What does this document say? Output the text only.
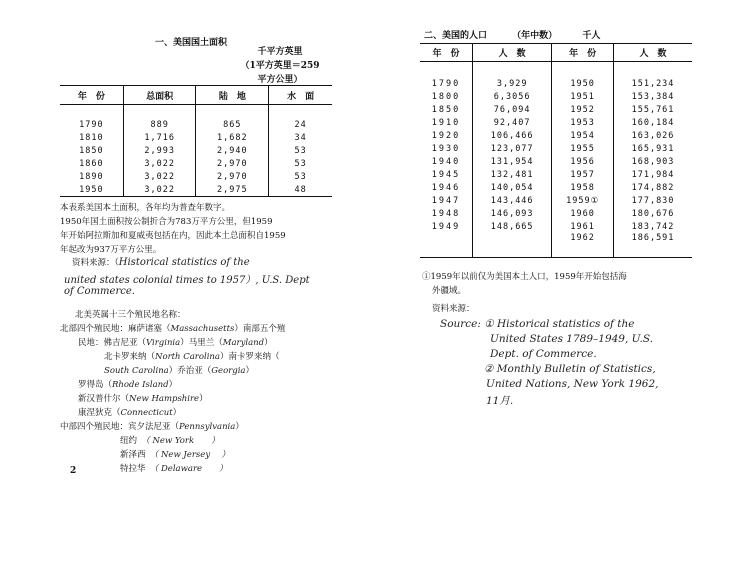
一、美国国土面积
千平方英里
（1平方英里＝259
平方公里）
年　份	总面积	陆　地	水　面

1790	889	865	24
1810	1,716	1,682	34
1850	2,993	2,940	53
1860	3,022	2,970	53
1890	3,022	2,970	53
1950	3,022	2,975	48
本表系美国本土面积，各年均为普查年数字。
1950年国土面积按公制折合为783万平方公里，但1959
年开始阿拉斯加和夏威夷包括在内，因此本土总面积自1959
年起改为937万平方公里。
资料来源：（Historical statistics of the
united states colonial times to 1957）, U.S. Dept
of Commerce.
北美英属十三个殖民地名称：
北部四个殖民地：麻萨诸塞（Massachusetts）南部五个殖
民地：佛吉尼亚（Virginia）马里兰（Maryland）
北卡罗来纳（North Carolina）南卡罗来纳（
South Carolina）乔治亚（Georgia）
罗得岛（Rhode Island）
新汉普什尔（New Hampshire）
康涅狄克（Connecticut）
中部四个殖民地：宾夕法尼亚（Pennsylvania）
纽约　 （ New York　　）
新泽西　 （ New Jersey　 ）
特拉华　 （ Delaware　　）
2
二、美国的人口	（年中数）	千人
年　份	人　数	年　份	人　数

1790	3,929	1950	151,234
1800	6,3056	1951	153,384
1850	76,094	1952	155,761
1910	92,407	1953	160,184
1920	106,466	1954	163,026
1930	123,077	1955	165,931
1940	131,954	1956	168,903
1945	132,481	1957	171,984
1946	140,054	1958	174,882
1947	143,446	1959①	177,830
1948	146,093	1960	180,676
1949	148,665	1961	183,742
		1962	186,591
①1959年以前仅为美国本土人口，1959年开始包括海
外疆域。
资料来源：
Source: ① Historical statistics of the
United States 1789–1949, U.S.
Dept. of Commerce.
② Monthly Bulletin of Statistics,
United Nations, New York 1962,
11月.
